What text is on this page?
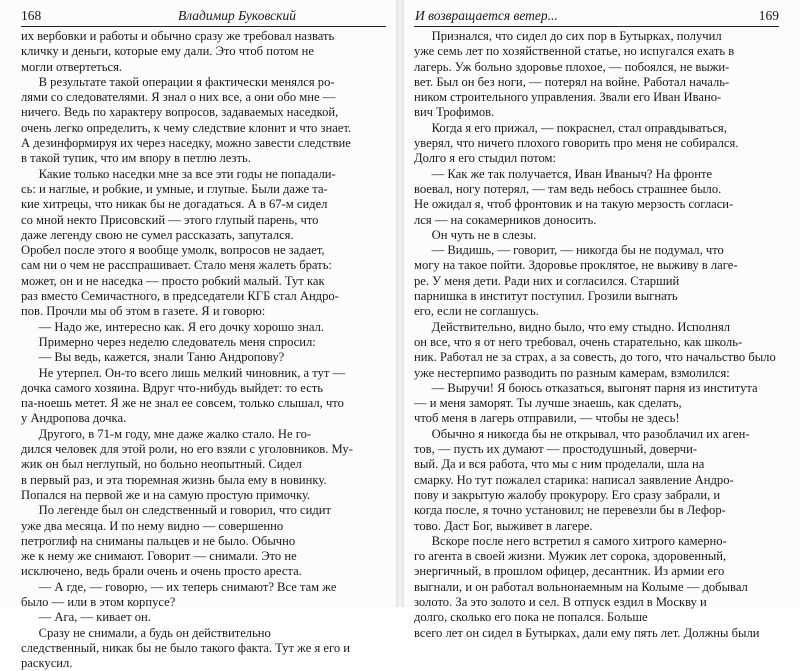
168	Владимир Буковский

их вербовки и работы и обычно сразу же требовал назвать
кличку и деньги, которые ему дали. Это чтоб потом не
могли отвертеться.

В результате такой операции я фактически менялся ро-
лями со следователями. Я знал о них все, а они обо мне —
ничего. Ведь по характеру вопросов, задаваемых наседкой,
очень легко определить, к чему следствие клонит и что знает.
А дезинформируя их через наседку, можно завести следствие
в такой тупик, что им впору в петлю лезть.

Какие только наседки мне за все эти годы не попадали-
сь: и наглые, и робкие, и умные, и глупые. Были даже та-
кие хитрецы, что никак бы не догадаться. А в 67-м сидел
со мной некто Присовский — этого глупый парень, что
даже легенду свою не сумел рассказать, запутался.
Оробел после этого я вообще умолк, вопросов не задает,
сам ни о чем не расспрашивает. Стало меня жалеть брать:
может, он и не наседка — просто робкий малый. Тут как
раз вместо Семичастного, в председатели КГБ стал Андро-
пов. Прочли мы об этом в газете. Я и говорю:

— Надо же, интересно как. Я его дочку хорошо знал.

Примерно через неделю следователь меня спросил:

— Вы ведь, кажется, знали Таню Андропову?

Не утерпел. Он-то всего лишь мелкий чиновник, а тут —
дочка самого хозяина. Вдруг что-нибудь выйдет: то есть
па-ноешь метет. Я же не знал ее совсем, только слышал, что
у Андропова дочка.

Другого, в 71-м году, мне даже жалко стало. Не го-
дился человек для этой роли, но его взяли с уголовников. Му-
жик он был неглупый, но больно неопытный. Сидел
в первый раз, и эта тюремная жизнь была ему в новинку.
Попался на первой же и на самую простую примочку.

По легенде был он следственный и говорил, что сидит
уже два месяца. И по нему видно — совершенно
петроглиф на сниманы пальцев и не было. Обычно
же к нему же снимают. Говорит — снимали. Это не
исключено, ведь брали очень и очень просто ареста.

— А где, — говорю, — их теперь снимают? Все там же
было — или в этом корпусе?

— Ага, — кивает он.

Сразу не снимали, а будь он действительно
следственный, никак бы не было такого факта. Тут же я его и
раскусил.

И возвращается ветер...	169

Признался, что сидел до сих пор в Бутырках, получил
уже семь лет по хозяйственной статье, но испугался ехать в
лагерь. Уж больно здоровье плохое, — побоялся, не выжи-
вет. Был он без ноги, — потерял на войне. Работал началь-
ником строительного управления. Звали его Иван Ивано-
вич Трофимов.

Когда я его прижал, — покраснел, стал оправдываться,
уверял, что ничего плохого говорить про меня не собирался.
Долго я его стыдил потом:

— Как же так получается, Иван Иваныч? На фронте
воевал, ногу потерял, — там ведь небось страшнее было.
Не ожидал я, чтоб фронтовик и на такую мерзость согласи-
лся — на сокамерников доносить.

Он чуть не в слезы.

— Видишь, — говорит, — никогда бы не подумал, что
могу на такое пойти. Здоровье проклятое, не выживу в лаге-
ре. У меня дети. Ради них и согласился. Старший
парнишка в институт поступил. Грозили выгнать
его, если не соглашусь.

Действительно, видно было, что ему стыдно. Исполнял
он все, что я от него требовал, очень старательно, как школь-
ник. Работал не за страх, а за совесть, до того, что начальство было
уже нестерпимо разводить по разным камерам, взмолился:

— Выручи! Я боюсь отказаться, выгонят парня из института
— и меня заморят. Ты лучше знаешь, как сделать,
чтоб меня в лагерь отправили, — чтобы не здесь!

Обычно я никогда бы не открывал, что разоблачил их аген-
тов, — пусть их думают — простодушный, доверчи-
вый. Да и вся работа, что мы с ним проделали, шла на
смарку. Но тут пожалел старика: написал заявление Андро-
пову и закрытую жалобу прокурору. Его сразу забрали, и
когда после, я точно установил; не перевезли бы в Лефор-
тово. Даст Бог, выживет в лагере.

Вскоре после него встретил я самого хитрого камерно-
го агента в своей жизни. Мужик лет сорока, здоровенный,
энергичный, в прошлом офицер, десантник. Из армии его
выгнали, и он работал вольнонаемным на Колыме — добывал
золото. За это золото и сел. В отпуск ездил в Москву и
долго, сколько его пока не попался. Больше
всего лет он сидел в Бутырках, дали ему пять лет. Должны были
